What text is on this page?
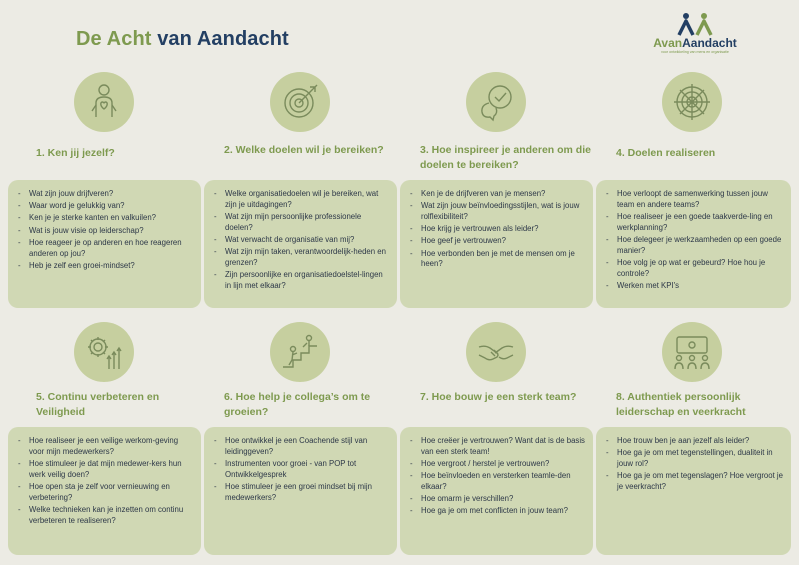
De Acht van Aandacht	AvanAandacht
voor ontwikkeling van mens en organisatie
1. Ken jij jezelf?	2. Welke doelen wil je bereiken?	3. Hoe inspireer je anderen om die doelen te bereiken?
4. Doelen realiseren
- Wat zijn jouw drijfveren?
- Waar word je gelukkig van?
- Ken je je sterke kanten en valkuilen?
- Wat is jouw visie op leiderschap?
- Hoe reageer je op anderen en hoe reageren anderen op jou?
- Heb je zelf een groei-mindset?
- Welke organisatiedoelen wil je bereiken, wat zijn je uitdagingen?
- Wat zijn mijn persoonlijke professionele doelen?
- Wat verwacht de organisatie van mij?
- Wat zijn mijn taken, verantwoordelijk-heden en grenzen?
- Zijn persoonlijke en organisatiedoelstel-lingen in lijn met elkaar?
- Ken je de drijfveren van je mensen?
- Wat zijn jouw beïnvloedingsstijlen, wat is jouw rolflexibiliteit?
- Hoe krijg je vertrouwen als leider?
- Hoe geef je vertrouwen?
- Hoe verbonden ben je met de mensen om je heen?
- Hoe verloopt de samenwerking tussen jouw team en andere teams?
- Hoe realiseer je een goede taakverde-ling en werkplanning?
- Hoe delegeer je werkzaamheden op een goede manier?
- Hoe volg je op wat er gebeurd? Hoe hou je controle?
- Werken met KPI's
5. Continu verbeteren en Veiligheid
6. Hoe help je collega’s om te groeien?
7. Hoe bouw je een sterk team?	8. Authentiek persoonlijk leiderschap en veerkracht
- Hoe realiseer je een veilige werkom-geving voor mijn medewerkers?
- Hoe stimuleer je dat mijn medewer-kers hun werk veilig doen?
- Hoe open sta je zelf voor vernieuwing en verbetering?
- Welke technieken kan je inzetten om continu verbeteren te realiseren?
- Hoe ontwikkel je een Coachende stijl van leidinggeven?
- Instrumenten voor groei - van POP tot Ontwikkelgesprek
- Hoe stimuleer je een groei mindset bij mijn medewerkers?
- Hoe creëer je vertrouwen? Want dat is de basis van een sterk team!
- Hoe vergroot / herstel je vertrouwen?
- Hoe beïnvloeden en versterken teamle-den elkaar?
- Hoe omarm je verschillen?
- Hoe ga je om met conflicten in jouw team?
- Hoe trouw ben je aan jezelf als leider?
- Hoe ga je om met tegenstellingen, dualiteit in jouw rol?
- Hoe ga je om met tegenslagen? Hoe vergroot je je veerkracht?
